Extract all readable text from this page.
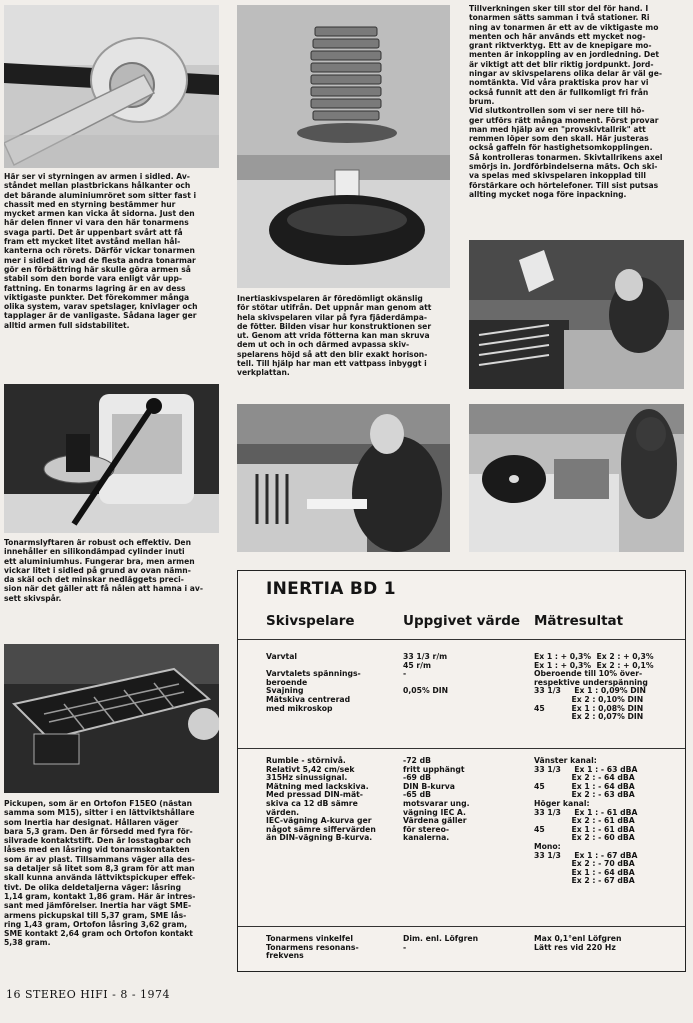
Här ser vi styrningen av armen i sidled. Av-
ståndet mellan plastbrickans hålkanter och
det bärande aluminiumröret som sitter fast i
chassit med en styrning bestämmer hur
mycket armen kan vicka åt sidorna. Just den
här delen finner vi vara den här tonarmens
svaga parti. Det är uppenbart svårt att få
fram ett mycket litet avstånd mellan hål-
kanterna och rörets. Därför vickar tonarmen
mer i sidled än vad de flesta andra tonarmar
gör en förbättring här skulle göra armen så
stabil som den borde vara enligt vår upp-
fattning. En tonarms lagring är en av dess
viktigaste punkter. Det förekommer många
olika system, varav spetslager, knivlager och
tapplager är de vanligaste. Sådana lager ger
alltid armen full sidstabilitet.
Inertiaskivspelaren är föredömligt okänslig
för stötar utifrån. Det uppnår man genom att
hela skivspelaren vilar på fyra fjäderdämpa-
de fötter. Bilden visar hur konstruktionen ser
ut. Genom att vrida fötterna kan man skruva
dem ut och in och därmed avpassa skiv-
spelarens höjd så att den blir exakt horison-
tell. Till hjälp har man ett vattpass inbyggt i
verkplattan.
Tillverkningen sker till stor del för hand. I
tonarmen sätts samman i två stationer. Ri
ning av tonarmen är ett av de viktigaste mo
menten och här används ett mycket nog-
grant riktverktyg. Ett av de knepigare mo-
menten är inkoppling av en jordledning. Det
är viktigt att det blir riktig jordpunkt. Jord-
ningar av skivspelarens olika delar är väl ge-
nomtänkta. Vid våra praktiska prov har vi
också funnit att den är fullkomligt fri från
brum.
Vid slutkontrollen som vi ser nere till hö-
ger utförs rätt många moment. Först provar
man med hjälp av en "provskivtallrik" att
remmen löper som den skall. Här justeras
också gaffeln för hastighetsomkopplingen.
Så kontrolleras tonarmen. Skivtallrikens axel
smörjs in. Jordförbindelserna mäts. Och ski-
va spelas med skivspelaren inkopplad till
förstärkare och hörtelefoner. Till sist putsas
allting mycket noga före inpackning.
Tonarmslyftaren är robust och effektiv. Den
innehåller en silikondämpad cylinder inuti
ett aluminiumhus. Fungerar bra, men armen
vickar litet i sidled på grund av ovan nämn-
da skäl och det minskar nedläggets preci-
sion när det gäller att få nålen att hamna i av-
sett skivspår.
Pickupen, som är en Ortofon F15EO (nästan
samma som M15), sitter i en lättviktshållare
som Inertia har designat. Hållaren väger
bara 5,3 gram. Den är försedd med fyra för-
silvrade kontaktstift. Den är losstagbar och
låses med en låsring vid tonarmskontakten
som är av plast. Tillsammans väger alla des-
sa detaljer så litet som 8,3 gram för att man
skall kunna använda lättviktspickuper effek-
tivt. De olika deldetaljerna väger: låsring
1,14 gram, kontakt 1,86 gram. Här är intres-
sant med jämförelser. Inertia har vägt SME-
armens pickupskal till 5,37 gram, SME lås-
ring 1,43 gram, Ortofon låsring 3,62 gram,
SME kontakt 2,64 gram och Ortofon kontakt
5,38 gram.
INERTIA BD 1
Skivspelare	Uppgivet värde Mätresultat
Varvtal

Varvtalets spännings-
beroende
Svajning
Mätskiva centrerad
med mikroskop
33 1/3 r/m
45 r/m
-

0,05% DIN
Ex 1 : + 0,3%  Ex 2 : + 0,3%
Ex 1 : + 0,3%  Ex 2 : + 0,1%
Oberoende till 10% över-
respektive underspänning
33 1/3     Ex 1 : 0,09% DIN
Ex 2 : 0,10% DIN
45          Ex 1 : 0,08% DIN
Ex 2 : 0,07% DIN
Rumble - störnivå.
Relativt 5,42 cm/sek
315Hz sinussignal.
Mätning med lackskiva.
Med pressad DIN-mät-
skiva ca 12 dB sämre
värden.
IEC-vägning A-kurva ger
något sämre siffervärden
än DIN-vägning B-kurva.
-72 dB
fritt upphängt
-69 dB
DIN B-kurva
-65 dB
motsvarar ung.
vägning IEC A.
Värdena gäller
för stereo-
kanalerna.
Vänster kanal:
33 1/3     Ex 1 : - 63 dBA
Ex 2 : - 64 dBA
45          Ex 1 : - 64 dBA
Ex 2 : - 63 dBA
Höger kanal:
33 1/3     Ex 1 : - 61 dBA
Ex 2 : - 61 dBA
45          Ex 1 : - 61 dBA
Ex 2 : - 60 dBA
Mono:
33 1/3     Ex 1 : - 67 dBA
Ex 2 : - 70 dBA
Ex 1 : - 64 dBA
Ex 2 : - 67 dBA
Tonarmens vinkelfel
Tonarmens resonans-
frekvens
Dim. enl. Löfgren
-
Max 0,1°enl Löfgren
Lätt res vid 220 Hz
16 STEREO HIFI - 8 - 1974
